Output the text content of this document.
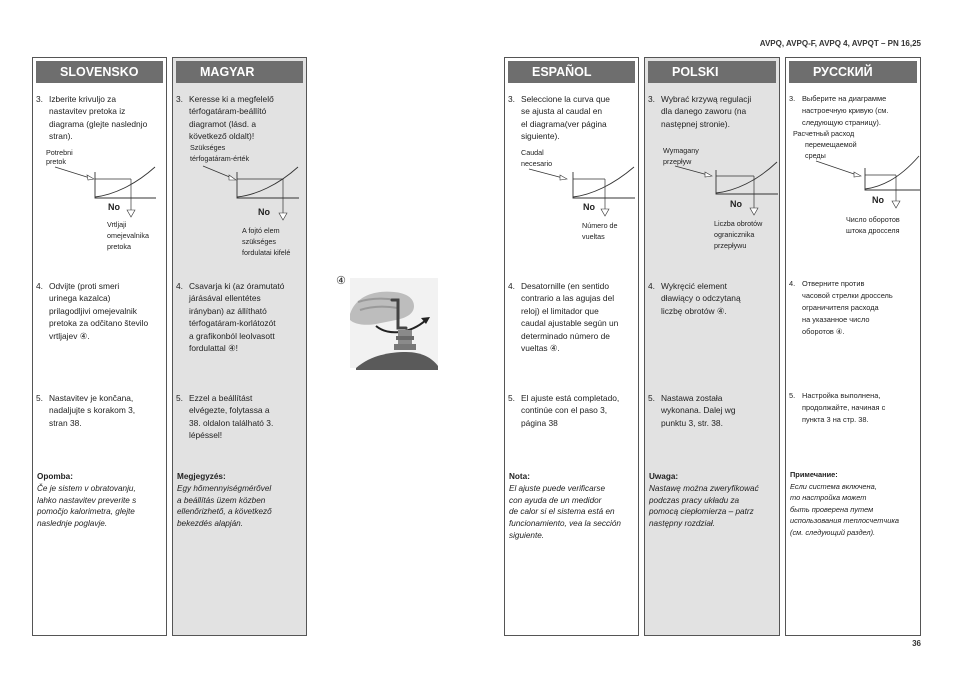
AVPQ, AVPQ-F, AVPQ 4, AVPQT – PN 16,25
SLOVENSKO
3. Izberite krivuljo za
nastavitev pretoka iz
diagrama (glejte naslednjo
stran).
Potrebni
pretok
No
Vrtljaji
omejevalnika
pretoka
4. Odvijte (proti smeri
urinega kazalca)
prilagodljivi omejevalnik
pretoka za odčitano število
vrtljajev ④.
5. Nastavitev je končana,
nadaljujte s korakom 3,
stran 38.
Opomba:
Če je sistem v obratovanju,
lahko nastavitev preverite s
pomočjo kalorimetra, glejte
naslednje poglavje.
MAGYAR
3. Keresse ki a megfelelő
térfogatáram-beállító
diagramot (lásd. a
következő oldalt)!
Szükséges
térfogatáram-érték
No
A fojtó elem
szükséges
fordulatai kifelé
4. Csavarja ki (az óramutató
járásával ellentétes
irányban) az állítható
térfogatáram-korlátozót
a grafikonból leolvasott
fordulattal ④!
5. Ezzel a beállítást
elvégezte, folytassa a
38. oldalon található 3.
lépéssel!
Megjegyzés:
Egy hőmennyiségmérővel
a beállítás üzem közben
ellenőrizhető, a következő
bekezdés alapján.
④
ESPAÑOL
3. Seleccione la curva que
se ajusta al caudal en
el diagrama(ver página
siguiente).
Caudal
necesario
No
Número de
vueltas
4. Desatornille (en sentido
contrario a las agujas del
reloj) el limitador que
caudal ajustable según un
determinado número de
vueltas ④.
5. El ajuste está completado,
continúe con el paso 3,
página 38
Nota:
El ajuste puede verificarse
con ayuda de un medidor
de calor si el sistema está en
funcionamiento, vea la sección
siguiente.
POLSKI
3. Wybrać krzywą regulacji
dla danego zaworu (na
następnej stronie).
Wymagany
przepływ
No
Liczba obrotów
ogranicznika
przepływu
4. Wykręcić element
dławiący o odczytaną
liczbę obrotów ④.
5. Nastawa została
wykonana. Dalej wg
punktu 3, str. 38.
Uwaga:
Nastawę można zweryfikować
podczas pracy układu za
pomocą ciepłomierza – patrz
następny rozdział.
РУССКИЙ
3. Выберите на диаграмме
настроечную кривую (см.
следующую страницу).
Расчетный расход
перемещаемой
среды
No
Число оборотов
штока дросселя
4. Отверните против
часовой стрелки дроссель
ограничителя расхода
на указанное число
оборотов ④.
5. Настройка выполнена,
продолжайте, начиная с
пункта 3 на стр. 38.
Примечание:
Если система включена,
то настройка может
быть проверена путем
использования теплосчетчика
(см. следующий раздел).
36
